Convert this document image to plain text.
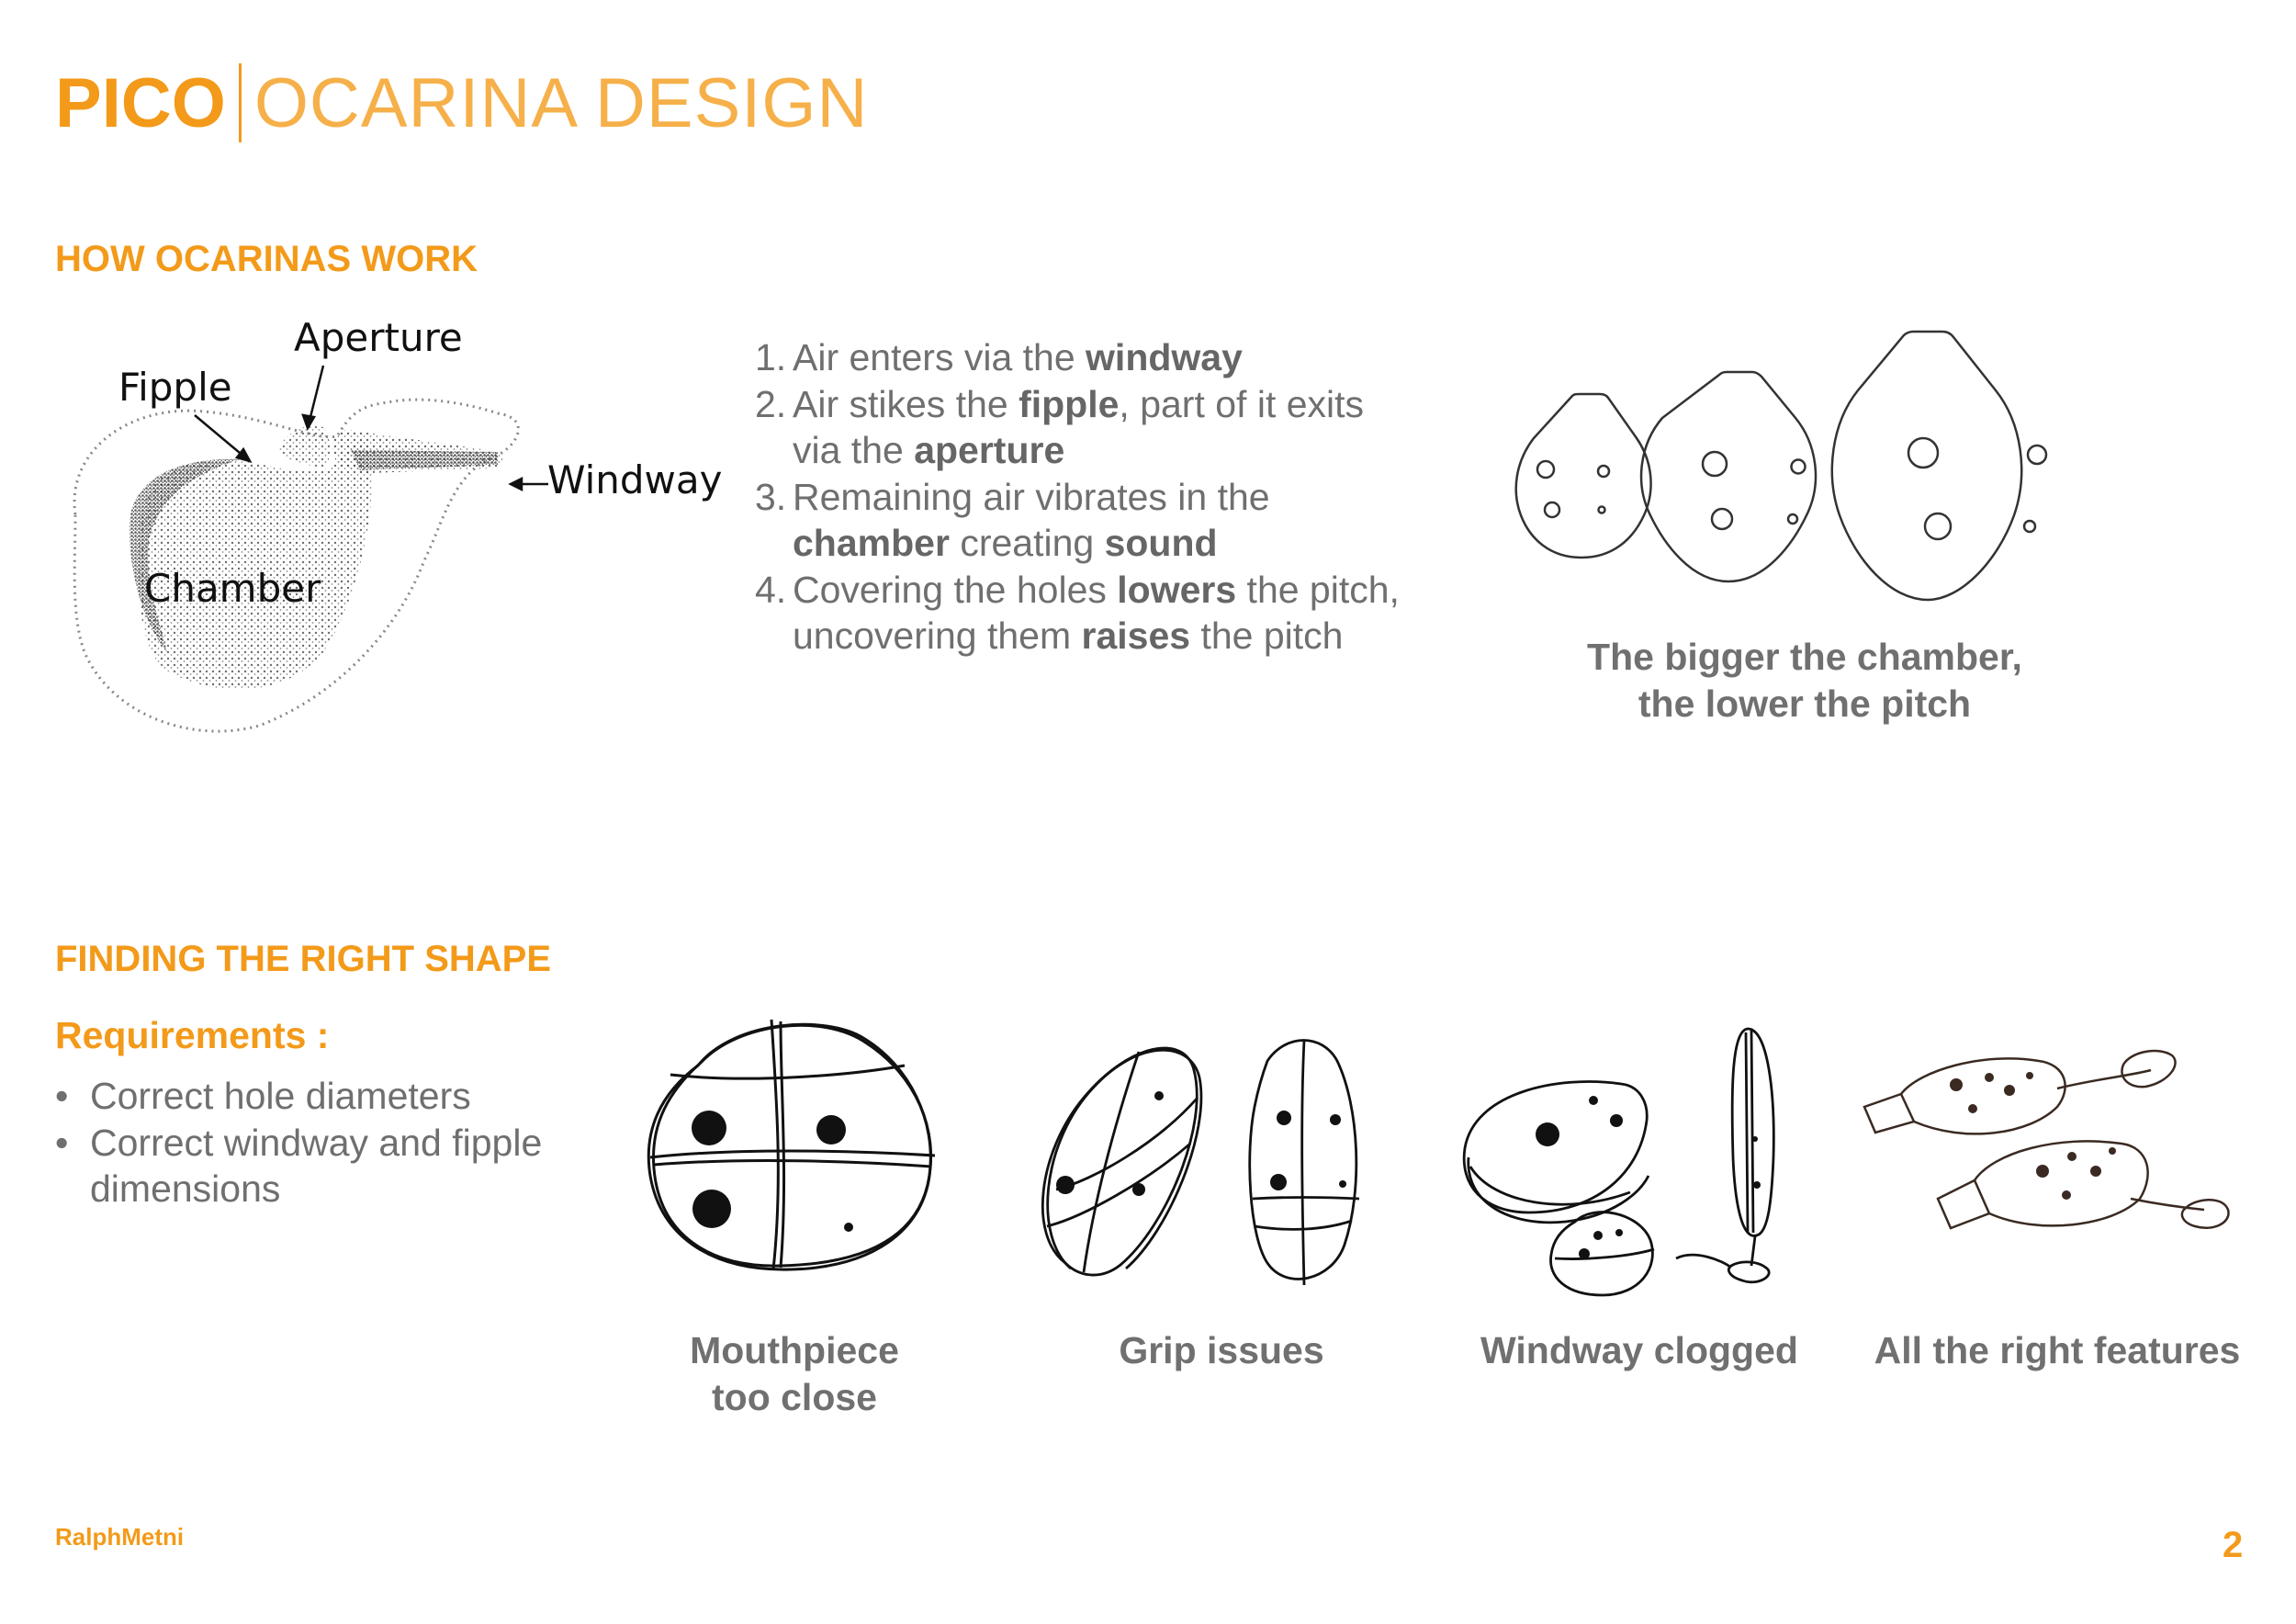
PICO OCARINA DESIGN
HOW OCARINAS WORK
Aperture
Fipple
Windway
Chamber
1. Air enters via the windway
2. Air stikes the fipple, part of it exits via the aperture
3. Remaining air vibrates in the chamber creating sound
4. Covering the holes lowers the pitch, uncovering them raises the pitch	The bigger the chamber,
the lower the pitch
FINDING THE RIGHT SHAPE
Requirements :
• Correct hole diameters
• Correct windway and fipple dimensions
Mouthpiece
too close
Grip issues	Windway clogged	All the right features
RalphMetni	2
